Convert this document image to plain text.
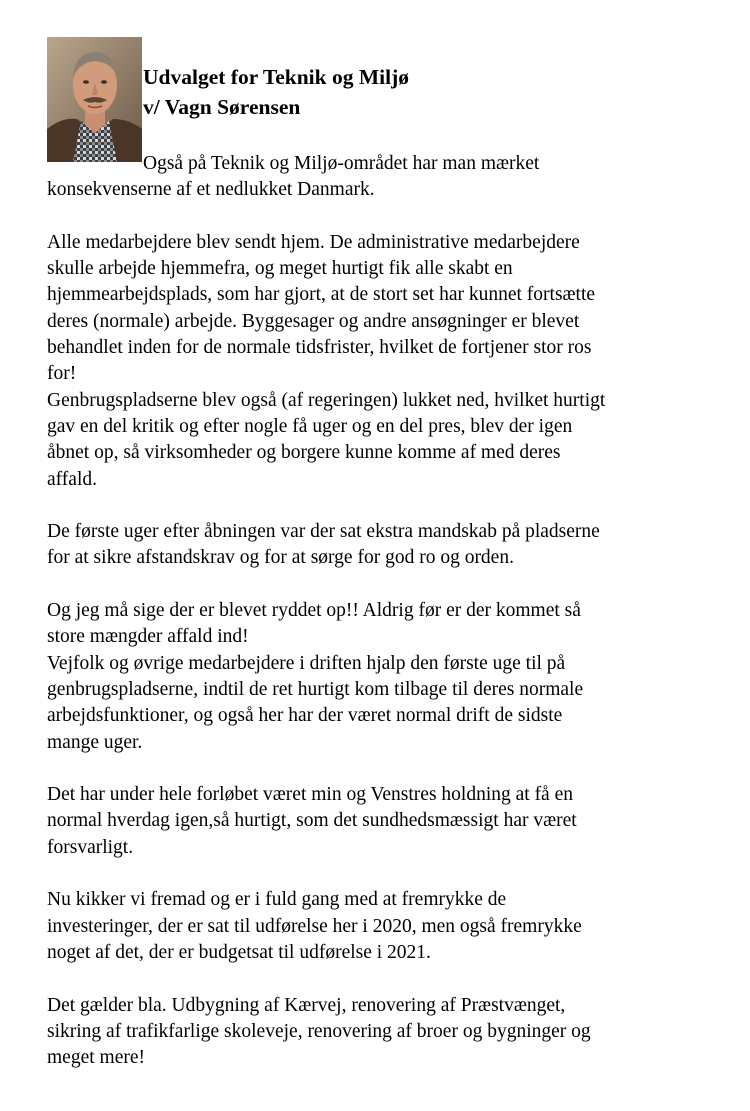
Udvalget for Teknik og Miljø
v/ Vagn Sørensen

Også på Teknik og Miljø-området har man mærket
konsekvenserne af et nedlukket Danmark.

Alle medarbejdere blev sendt hjem. De administrative medarbejdere
skulle arbejde hjemmefra, og meget hurtigt fik alle skabt en
hjemmearbejdsplads, som har gjort, at de stort set har kunnet fortsætte
deres (normale) arbejde. Byggesager og andre ansøgninger er blevet
behandlet inden for de normale tidsfrister, hvilket de fortjener stor ros
for!
Genbrugspladserne blev også (af regeringen) lukket ned, hvilket hurtigt
gav en del kritik og efter nogle få uger og en del pres, blev der igen
åbnet op, så virksomheder og borgere kunne komme af med deres
affald.

De første uger efter åbningen var der sat ekstra mandskab på pladserne
for at sikre afstandskrav og for at sørge for god ro og orden.

Og jeg må sige der er blevet ryddet op!! Aldrig før er der kommet så
store mængder affald ind!
Vejfolk og øvrige medarbejdere i driften hjalp den første uge til på
genbrugspladserne, indtil de ret hurtigt kom tilbage til deres normale
arbejdsfunktioner, og også her har der været normal drift de sidste
mange uger.

Det har under hele forløbet været min og Venstres holdning at få en
normal hverdag igen,så hurtigt, som det sundhedsmæssigt har været
forsvarligt.

Nu kikker vi fremad og er i fuld gang med at fremrykke de
investeringer, der er sat til udførelse her i 2020, men også fremrykke
noget af det, der er budgetsat til udførelse i 2021.

Det gælder bla. Udbygning af Kærvej, renovering af Præstvænget,
sikring af trafikfarlige skoleveje, renovering af broer og bygninger og
meget mere!
